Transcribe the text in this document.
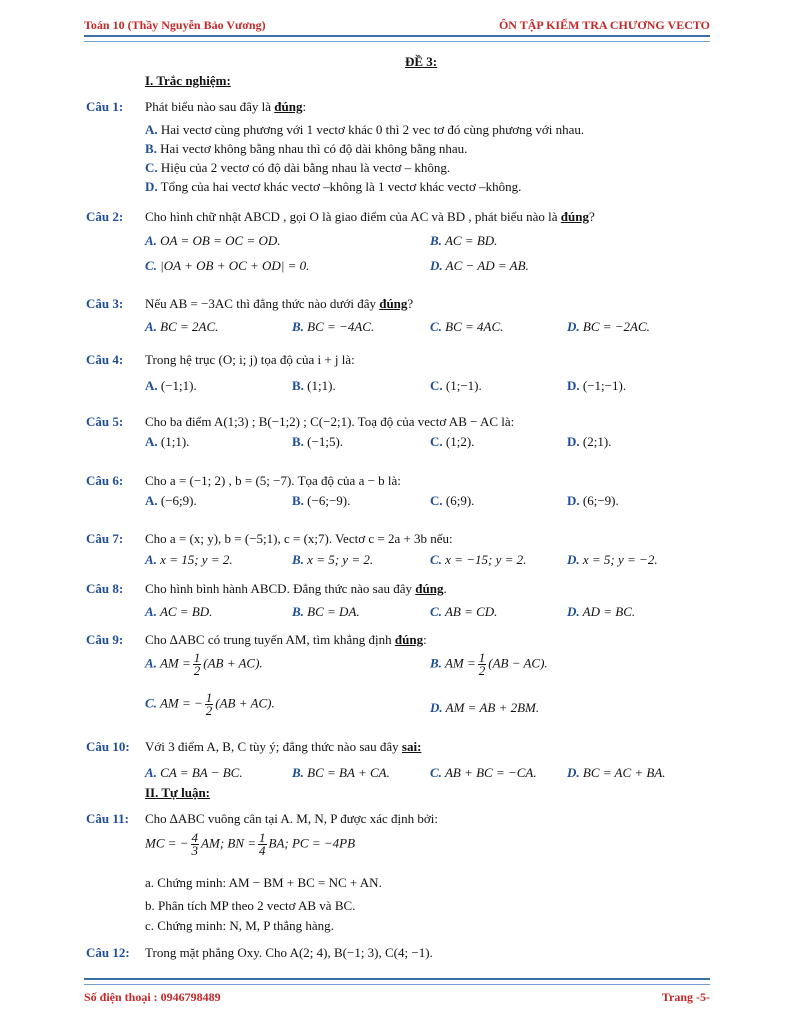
Toán 10 (Thầy Nguyễn Bảo Vương)	ÔN TẬP KIỂM TRA CHƯƠNG VECTO
ĐỀ 3:
I. Trắc nghiệm:
Câu 1: Phát biểu nào sau đây là đúng:
A. Hai vectơ cùng phương với 1 vectơ khác 0 thì 2 vec tơ đó cùng phương với nhau.
B. Hai vectơ không bằng nhau thì có độ dài không bằng nhau.
C. Hiệu của 2 vectơ có độ dài bằng nhau là vectơ – không.
D. Tổng của hai vectơ khác vectơ –không là 1 vectơ khác vectơ –không.
Câu 2: Cho hình chữ nhật ABCD , gọi O là giao điểm của AC và BD , phát biểu nào là đúng?
A. OA = OB = OC = OD.	B. AC = BD.
C. |OA + OB + OC + OD| = 0.	D. AC − AD = AB.
Câu 3: Nếu AB = −3AC thì đẳng thức nào dưới đây đúng?
A. BC = 2AC.	B. BC = −4AC.	C. BC = 4AC.	D. BC = −2AC.
Câu 4: Trong hệ trục (O; i; j) tọa độ của i + j là:
A. (−1;1).	B. (1;1).	C. (1;−1).	D. (−1;−1).
Câu 5: Cho ba điểm A(1;3) ; B(−1;2) ; C(−2;1). Toạ độ của vectơ AB − AC là:
A. (1;1).	B. (−1;5).	C. (1;2).	D. (2;1).
Câu 6: Cho a = (−1; 2) , b = (5; −7). Tọa độ của a − b là:
A. (−6;9).	B. (−6;−9).	C. (6;9).	D. (6;−9).
Câu 7: Cho a = (x; y), b = (−5;1), c = (x;7). Vectơ c = 2a + 3b nếu:
A. x = 15; y = 2.	B. x = 5; y = 2.	C. x = −15; y = 2.	D. x = 5; y = −2.
Câu 8: Cho hình bình hành ABCD. Đẳng thức nào sau đây đúng.
A. AC = BD.	B. BC = DA.	C. AB = CD.	D. AD = BC.
Câu 9: Cho ∆ABC có trung tuyến AM, tìm khẳng định đúng:
A. AM = $\frac{1}{2} (AB + AC)$.	B. AM = $\frac{1}{2} (AB - AC)$.
C. AM = − $\frac{1}{2} (AB + AC)$.	D. AM = AB + 2BM.
Câu 10: Với 3 điểm A, B, C tùy ý; đẳng thức nào sau đây sai:
A. CA = BA − BC.	B. BC = BA + CA.	C. AB + BC = −CA. D. BC = AC + BA.
II. Tự luận:
Câu 11: Cho ∆ABC vuông cân tại A. M, N, P được xác định bởi:
MC = − $\frac{4}{3}$ AM; BN = $\frac{1}{4}$ BA; PC = −4PB
a. Chứng minh: AM − BM + BC = NC + AN.
b. Phân tích MP theo 2 vectơ AB và BC.
c. Chứng minh: N, M, P thẳng hàng.
Câu 12: Trong mặt phẳng Oxy. Cho A(2; 4), B(−1; 3), C(4; −1).
Số điện thoại : 0946798489	Trang -5-
